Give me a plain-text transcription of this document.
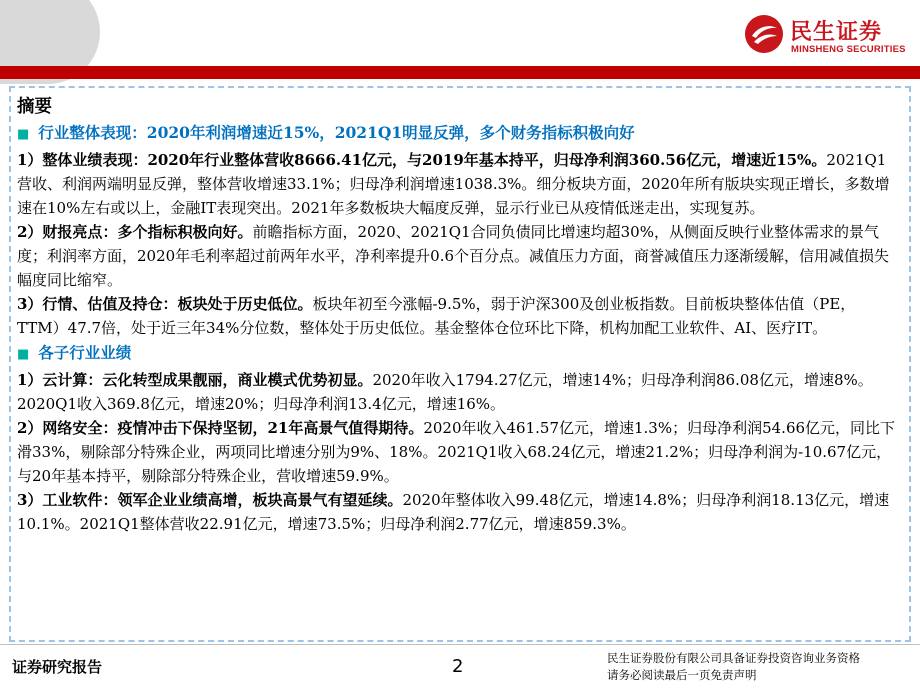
民生证券
MINSHENG SECURITIES
摘要
■ 行业整体表现：2020年利润增速近15%，2021Q1明显反弹，多个财务指标积极向好
1）整体业绩表现：2020年行业整体营收8666.41亿元，与2019年基本持平，归母净利润360.56亿元，增速近15%。2021Q1营收、利润两端明显反弹，整体营收增速33.1%；归母净利润增速1038.3%。细分板块方面，2020年所有版块实现正增长，多数增速在10%左右或以上，金融IT表现突出。2021年多数板块大幅度反弹，显示行业已从疫情低迷走出，实现复苏。
2）财报亮点：多个指标积极向好。前瞻指标方面，2020、2021Q1合同负债同比增速均超30%，从侧面反映行业整体需求的景气度；利润率方面，2020年毛利率超过前两年水平，净利率提升0.6个百分点。减值压力方面，商誉减值压力逐渐缓解，信用减值损失幅度同比缩窄。
3）行情、估值及持仓：板块处于历史低位。板块年初至今涨幅-9.5%，弱于沪深300及创业板指数。目前板块整体估值（PE，TTM）47.7倍，处于近三年34%分位数，整体处于历史低位。基金整体仓位环比下降，机构加配工业软件、AI、医疗IT。
■ 各子行业业绩
1）云计算：云化转型成果靓丽，商业模式优势初显。2020年收入1794.27亿元，增速14%；归母净利润86.08亿元，增速8%。2020Q1收入369.8亿元，增速20%；归母净利润13.4亿元，增速16%。
2）网络安全：疫情冲击下保持坚韧，21年高景气值得期待。2020年收入461.57亿元，增速1.3%；归母净利润54.66亿元，同比下滑33%，剔除部分特殊企业，两项同比增速分别为9%、18%。2021Q1收入68.24亿元，增速21.2%；归母净利润为-10.67亿元，与20年基本持平，剔除部分特殊企业，营收增速59.9%。
3）工业软件：领军企业业绩高增，板块高景气有望延续。2020年整体收入99.48亿元，增速14.8%；归母净利润18.13亿元，增速10.1%。2021Q1整体营收22.91亿元，增速73.5%；归母净利润2.77亿元，增速859.3%。
证券研究报告	2	民生证券股份有限公司具备证券投资咨询业务资格
请务必阅读最后一页免责声明
